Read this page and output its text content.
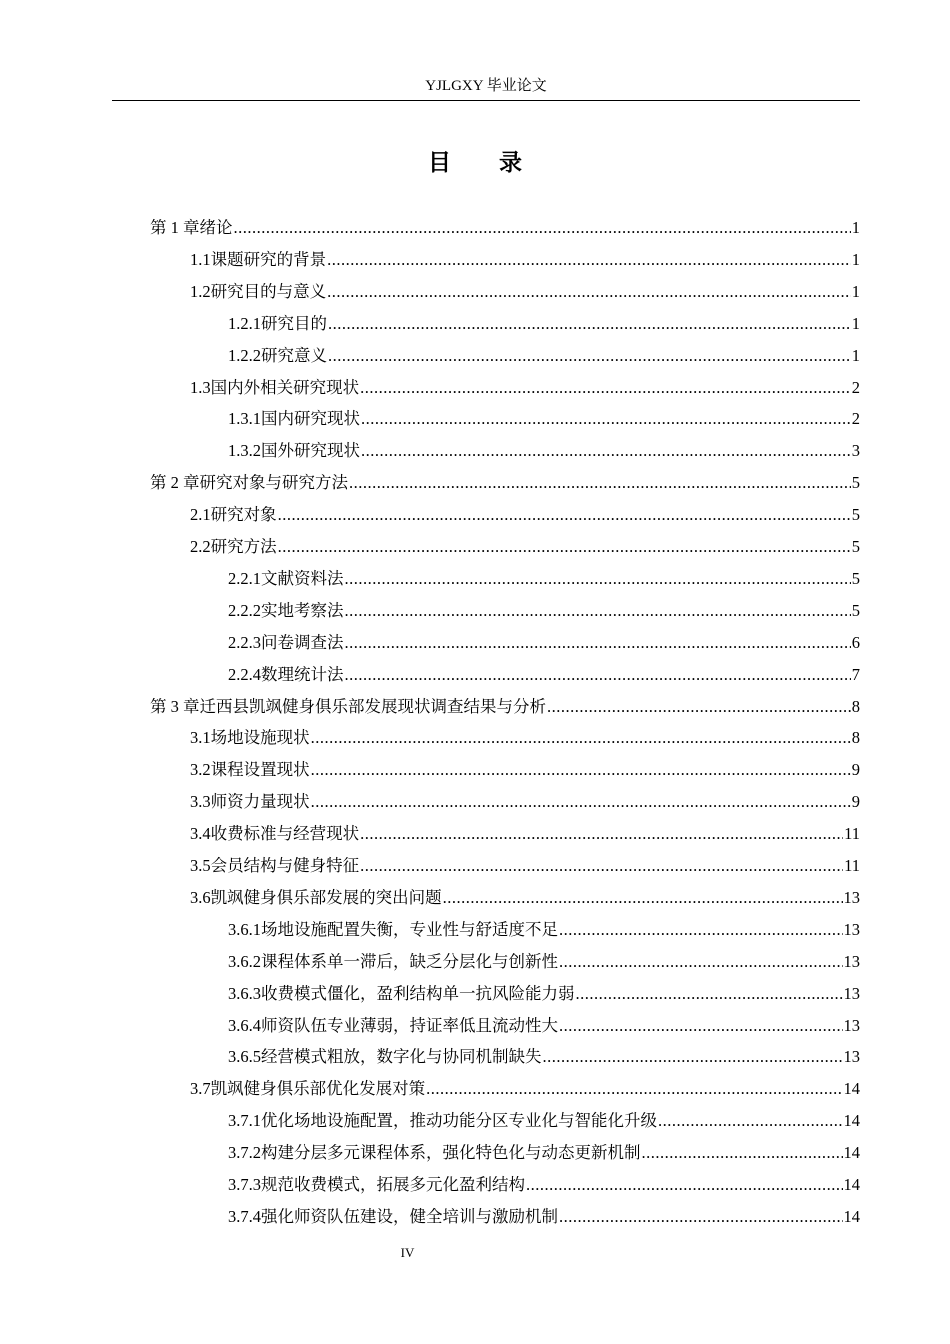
YJLGXY 毕业论文
目 录
第 1 章 绪论 .....	1
1.1 课题研究的背景 .....	1
1.2 研究目的与意义 .....	1
1.2.1 研究目的 .....	1
1.2.2 研究意义 .....	1
1.3 国内外相关研究现状 .....	2
1.3.1 国内研究现状 .....	2
1.3.2 国外研究现状 .....	3
第 2 章 研究对象与研究方法 .....	5
2.1 研究对象 .....	5
2.2 研究方法 .....	5
2.2.1 文献资料法 .....	5
2.2.2 实地考察法 .....	5
2.2.3 问卷调查法 .....	6
2.2.4 数理统计法 .....	7
第 3 章 迁西县凯飒健身俱乐部发展现状调查结果与分析 .....	8
3.1 场地设施现状 .....	8
3.2 课程设置现状 .....	9
3.3 师资力量现状 .....	9
3.4 收费标准与经营现状 .....	11
3.5 会员结构与健身特征 .....	11
3.6 凯飒健身俱乐部发展的突出问题 .....	13
3.6.1 场地设施配置失衡，专业性与舒适度不足 .....	13
3.6.2 课程体系单一滞后，缺乏分层化与创新性 .....	13
3.6.3 收费模式僵化，盈利结构单一抗风险能力弱 .....	13
3.6.4 师资队伍专业薄弱，持证率低且流动性大 .....	13
3.6.5 经营模式粗放，数字化与协同机制缺失 .....	13
3.7 凯飒健身俱乐部优化发展对策 .....	14
3.7.1 优化场地设施配置，推动功能分区专业化与智能化升级 .....	14
3.7.2 构建分层多元课程体系，强化特色化与动态更新机制 .....	14
3.7.3 规范收费模式，拓展多元化盈利结构 .....	14
3.7.4 强化师资队伍建设，健全培训与激励机制 .....	14
IV
